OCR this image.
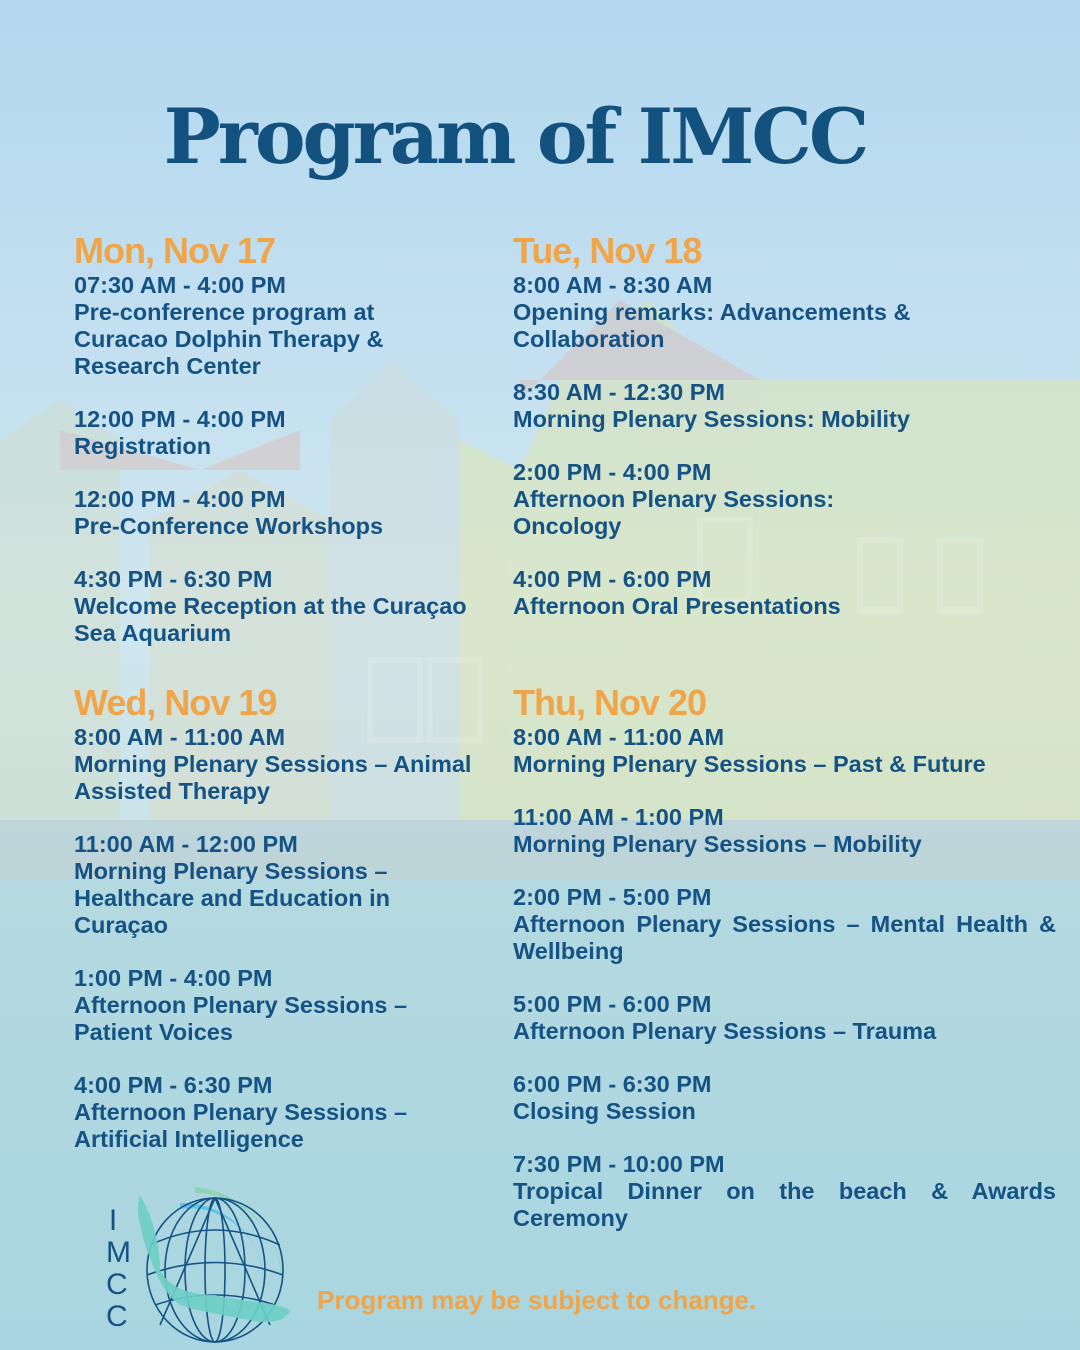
Program of IMCC
Mon, Nov 17
07:30 AM - 4:00 PM
Pre-conference program at Curacao Dolphin Therapy & Research Center
12:00 PM - 4:00 PM
Registration
12:00 PM - 4:00 PM
Pre-Conference Workshops
4:30 PM - 6:30 PM
Welcome Reception at the Curaçao Sea Aquarium
Tue, Nov 18
8:00 AM - 8:30 AM
Opening remarks: Advancements & Collaboration
8:30 AM - 12:30 PM
Morning Plenary Sessions: Mobility
2:00 PM - 4:00 PM
Afternoon Plenary Sessions: Oncology
4:00 PM - 6:00 PM
Afternoon Oral Presentations
Wed, Nov 19
8:00 AM - 11:00 AM
Morning Plenary Sessions – Animal Assisted Therapy
11:00 AM - 12:00 PM
Morning Plenary Sessions – Healthcare and Education in Curaçao
1:00 PM - 4:00 PM
Afternoon Plenary Sessions – Patient Voices
4:00 PM - 6:30 PM
Afternoon Plenary Sessions – Artificial Intelligence
Thu, Nov 20
8:00 AM - 11:00 AM
Morning Plenary Sessions – Past & Future
11:00 AM - 1:00 PM
Morning Plenary Sessions – Mobility
2:00 PM - 5:00 PM
Afternoon Plenary Sessions – Mental Health & Wellbeing
5:00 PM - 6:00 PM
Afternoon Plenary Sessions – Trauma
6:00 PM - 6:30 PM
Closing Session
7:30 PM - 10:00 PM
Tropical Dinner on the beach & Awards Ceremony
I
M
C
C	Program may be subject to change.
